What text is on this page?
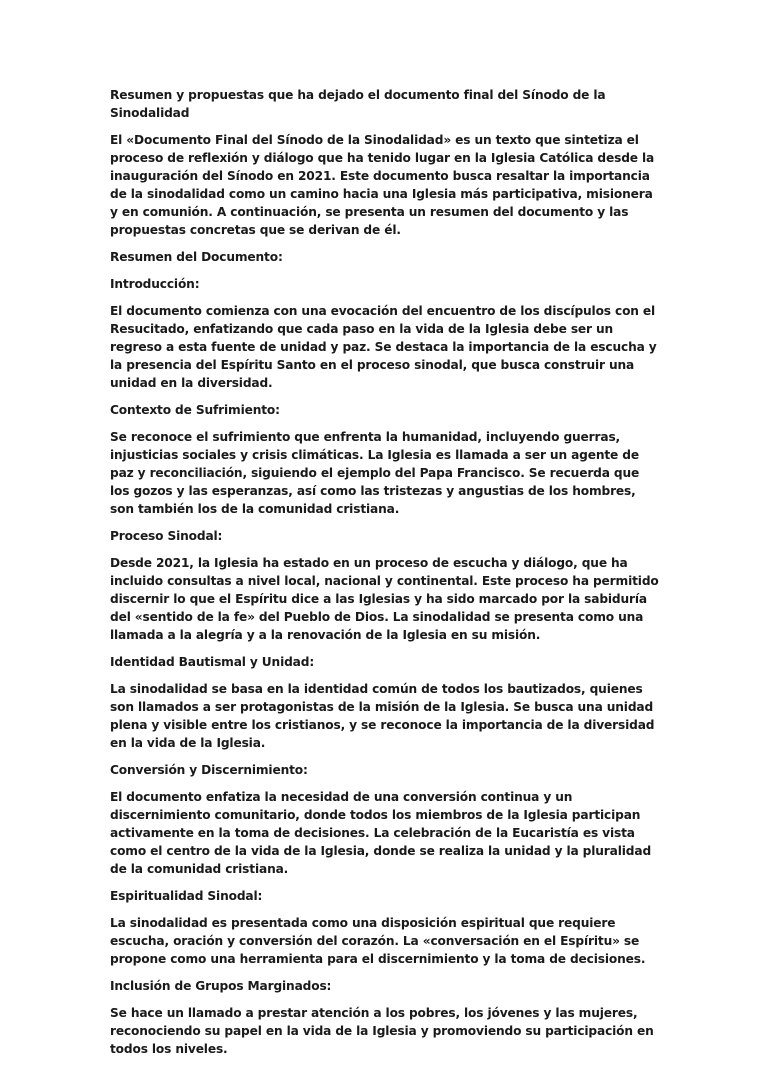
Resumen y propuestas que ha dejado el documento final del Sínodo de la Sinodalidad

El «Documento Final del Sínodo de la Sinodalidad» es un texto que sintetiza el proceso de reflexión y diálogo que ha tenido lugar en la Iglesia Católica desde la inauguración del Sínodo en 2021. Este documento busca resaltar la importancia de la sinodalidad como un camino hacia una Iglesia más participativa, misionera y en comunión. A continuación, se presenta un resumen del documento y las propuestas concretas que se derivan de él.

Resumen del Documento:

Introducción:

El documento comienza con una evocación del encuentro de los discípulos con el Resucitado, enfatizando que cada paso en la vida de la Iglesia debe ser un regreso a esta fuente de unidad y paz. Se destaca la importancia de la escucha y la presencia del Espíritu Santo en el proceso sinodal, que busca construir una unidad en la diversidad.

Contexto de Sufrimiento:

Se reconoce el sufrimiento que enfrenta la humanidad, incluyendo guerras, injusticias sociales y crisis climáticas. La Iglesia es llamada a ser un agente de paz y reconciliación, siguiendo el ejemplo del Papa Francisco. Se recuerda que los gozos y las esperanzas, así como las tristezas y angustias de los hombres, son también los de la comunidad cristiana.

Proceso Sinodal:

Desde 2021, la Iglesia ha estado en un proceso de escucha y diálogo, que ha incluido consultas a nivel local, nacional y continental. Este proceso ha permitido discernir lo que el Espíritu dice a las Iglesias y ha sido marcado por la sabiduría del «sentido de la fe» del Pueblo de Dios. La sinodalidad se presenta como una llamada a la alegría y a la renovación de la Iglesia en su misión.

Identidad Bautismal y Unidad:

La sinodalidad se basa en la identidad común de todos los bautizados, quienes son llamados a ser protagonistas de la misión de la Iglesia. Se busca una unidad plena y visible entre los cristianos, y se reconoce la importancia de la diversidad en la vida de la Iglesia.

Conversión y Discernimiento:

El documento enfatiza la necesidad de una conversión continua y un discernimiento comunitario, donde todos los miembros de la Iglesia participan activamente en la toma de decisiones. La celebración de la Eucaristía es vista como el centro de la vida de la Iglesia, donde se realiza la unidad y la pluralidad de la comunidad cristiana.

Espiritualidad Sinodal:

La sinodalidad es presentada como una disposición espiritual que requiere escucha, oración y conversión del corazón. La «conversación en el Espíritu» se propone como una herramienta para el discernimiento y la toma de decisiones.

Inclusión de Grupos Marginados:

Se hace un llamado a prestar atención a los pobres, los jóvenes y las mujeres, reconociendo su papel en la vida de la Iglesia y promoviendo su participación en todos los niveles.
